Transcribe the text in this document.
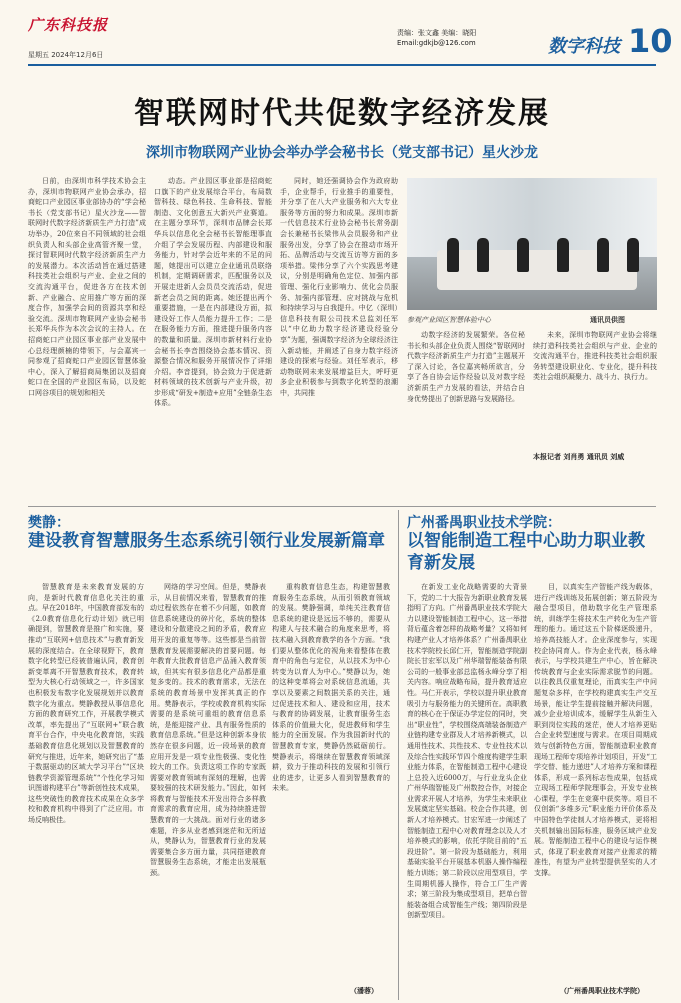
广东科技报
星期五 2024年12月6日
责编：张文鑫 美编：晓阳
Email:gdkjb@126.com	数字科技 10
智联网时代共促数字经济发展
深圳市物联网产业协会举办学会秘书长（党支部书记）星火沙龙

日前，由深圳市科学技术协会主办，深圳市物联网产业协会承办，招商蛇口产业园区事业部协办的“学会秘书长（党支部书记）星火沙龙——智联网时代数字经济新质生产力打造”成功举办，20位来自不同领域的社会组织负责人和头部企业高管齐聚一堂，探讨智联网时代数字经济新质生产力的发展潜力。本次活动旨在通过搭建科技类社会组织与产业、企业之间的交流沟通平台，促进各方在技术创新、产业融合、应用推广等方面的深度合作，加强学会间的资源共享和经验交流。深圳市物联网产业协会秘书长郑华兵作为本次会议的主持人。在招商蛇口产业园区事业部产业发展中心总经理颜楠的带领下，与会嘉宾一同参观了招商蛇口产业园区智慧体验中心，深入了解招商局集团以及招商蛇口在全国的产业园区布局，以及蛇口网谷项目的规划和相关

动态。产业园区事业部是招商蛇口旗下的产业发展综合平台，布局数智科技、绿色科技、生命科技、智能制造、文化创意五大新兴产业赛道。在主题分享环节，深圳市品牌会长郑华兵以信息化全会秘书长智能理事直介组了学会发展历程、内部建设和服务能力，针对学会近年来的不足的问题，她提出可以建立企业通讯员联络机制，定期调研需求，匹配服务以及开展走进新人会员员交流活动，促进新老会员之间的距离。她还提出两个重要措施，一是在内部建设方面，拟建设好工作人员能力提升工作；二是在服务能力方面，推进提升服务内容的数量和质量。深圳市新材料行业协会秘书长李音围绕协会基本情况、资源整合情况和服务开展情况作了详细介绍。李音提到，协会致力于促进新材料领域的技术创新与产业升级，初步形成“研发+制造+应用”全链条生态体系。

同时，她还强调协会作为政府助手，企业帮手，行业推手的重要性，并分享了在八大产业服务和六大专业服务等方面的努力和成果。深圳市新一代信息技术行业协会秘书长常务副会长兼秘书长梁伟从会员服务和产业服务出发，分享了协会在推动市场开拓、品牌活动与交流互访等方面的多项举措。梁伟分享了六个实践思考建议，分别是明确角色定位、加强内部管理、强化行业影响力、优化会员服务、加强内部管理、应对挑战与危机和持续学习与自我提升。中亿（深圳）信息科技有限公司技术总监刘任军以“中亿助力数字经济建设经验分享”为题，强调数字经济为全球经济注入新动能，并阐述了自身力数字经济建设的探索与经验。刘任军表示，移动物联网未来发展增益巨大，呼吁更多企业积极参与到数字化转型的浪潮中，共同推

参观产业园区智慧体验中心	通讯员供图

动数字经济的发展繁荣。各位秘书长和头部企业负责人围绕“智联网时代数字经济新质生产力打造”主题展开了深入讨论，各位嘉宾畅所欲言，分享了各自协会运作经验以及对数字经济新质生产力发展的看法，并结合自身优势提出了创新思路与发展路径。

未来，深圳市物联网产业协会将继续打造科技类社会组织与产业、企业的交流沟通平台，推进科技类社会组织服务转型建设职业化、专业化，提升科技类社会组织凝聚力、战斗力、执行力。

本报记者 刘肖勇 通讯员 刘威
樊静：
建设教育智慧服务生态系统引领行业发展新篇章

智慧教育是未来教育发展的方向，是新时代教育信息化关注的重点。早在2018年，中国教育部发布的《2.0教育信息化行动计划》就已明确提到，智慧教育是推广和实施，要推动“互联网+信息技术”与教育新发展的深度结合。在全球视野下，教育数字化转型已经被普遍认同，教育创新变革离不开智慧教育技术，教育转型为大核心行动领域之一，许多国家也积极发布数字化发展规划并以教育数字化为重点。樊静教授从事信息化方面的教育研究工作，开展教学模式改革，率先提出了“互联网+”联合教育平台合作，中央电化教育馆，实践基础教育信息化规划以及智慧教育的研究与推进，近年来，她研究出了“基于数据驱动的区域大学习平台”“区块链教学资源管理系统”“个性化学习知识图谱构建平台”等新创性技术成果，这些突破性的教育技术成果在众多学校和教育机构中得到了广泛应用。市场反响极佳。

网络的学习空间。但是，樊静表示，从目前情况来看，智慧教育的推动过程依然存在着不少问题，如教育信息系统建设的碎片化，系统的整体建设和分散建设之间的矛盾，教育应用开发的重复等等。这些都是当前智慧教育发展需要解决的首要问题。每年教育大批教育信息产品涌入教育领域，但其实有很多信息化产品都是重复多变的。技术的教育需求，无法在系统的教育场景中发挥其真正的作用。樊静表示，学校或教育机构实际需要的是系统可重组的教育信息系统，是能迎接产业、具有服务性质的教育信息系统。”但是这种创新本身依然存在很多问题，近一段场景的教育应用开发是一项专业性极强、变化性较大的工作。负责这项工作的专家既需要对教育领域有深刻的理解，也需要较强的技术研发能力。”因此，如何将教育与智能技术开发出符合多样教育需求的教育应用，成为持续推进智慧教育的一大挑战。面对行业的诸多难题，许多从业者感到迷茫和无所适从，樊静认为，智慧教育行业的发展需要集合多方面力量，共同搭建教育智慧服务生态系统，才能走出发展瓶颈。

重构教育信息生态，构建智慧教育服务生态系统，从而引领教育领域的发展。樊静强调，单纯关注教育信息系统的建设是远远不够的，需要从构建人与技术融合的角度来思考，将技术融入到教育教学的各个方面。“我们要从整体优化的视角来看整体在教育中的角色与定位，从以技术为中心转变为以育人为中心。”樊静以为，她的这种变革将会对系统信息流通，共享以及要素之间数据关系的关注，通过促进技术和人、建设和应用，技术与教育的协调发展，让教育服务生态体系的价值最大化，促进教师和学生能力的全面发展。作为我国新时代的智慧教育专家，樊静仍然砥砺前行。樊静表示，将继续在智慧教育领域深耕，致力于推动科技的发展和引领行业的进步，让更多人看到智慧教育的未来。

（潘蓉）
广州番禺职业技术学院：
以智能制造工程中心助力职业教育新发展

在新发工业化战略需要的大背景下，党的二十大报告为新职业教育发展指明了方向。广州番禺职业技术学院大力以建设智能制造工程中心，这一举措背后蕴含着怎样的战略考量？又将如何构建产业人才培养体系？广州番禺职业技术学院校长邱仁开，智能制造学院副院长甘宏军以及广州华瑞智能装备有限公司的一般事业部总监杨永峰分享了相关内容。响应战略布局，提升教育适应性。马仁开表示，学校以提升职业教育吸引力与服务能力的关键所在。高职教育的核心在于保证办学定位的同时，突出“职业性”，学校围绕高端装备制造产业链构建专业群及人才培养新模式，以通用性技术、共性技术、专业性技术以及综合性实践环节四个维度构建学生职业能力体系，在智能制造工程中心建设上总投入近6000万，与行业龙头企业广州华瑞智能及广州数控合作，对接企业需求开展人才培养，为学生未来职业发展奠定坚实基础。校企合作共建，创新人才培养模式。甘宏军进一步阐述了智能制造工程中心对教育理念以及人才培养模式的影响，依托学院目前的“五段进阶”。第一阶段为基础能力，利用基础实验平台开展基本机器人操作编程能力训练；第二阶段以应用型项目，学生周期机器人操作，符合工厂生产需求；第三阶段为集成型项目，把单台智能装备组合成智能生产线；第四阶段是创新型项目。

目，以真实生产智能产线为载体，进行产线训练及拓展创新；第五阶段为融合型项目，借助数字化生产管理系统，训练学生将技术生产转化为生产管理的能力。通过这五个阶梯逐级递升，培养高技能人才。企业深度参与，实现校企协同育人。作为企业代表，杨永峰表示，与学校共建生产中心，旨在解决传统教育与企业实际需求脱节的问题。以往教具仅重复理论，而真实生产中问题复杂多样，在学校构建真实生产交互场景，能让学生提前接触并解决问题，减少企业培训成本，缓解学生从新生入职到岗位实践的迷茫，使人才培养更贴合企业转型速度与需求。在项目周期成效与创新特色方面，智能制造职业教育现场工程师专项培养计划项目，开发“工学交替、能力递进”人才培养方案和课程体系，形成一系列标志性成果，包括成立现场工程师学院理事会，开发专业核心课程，学生在竞赛中获奖等。项目不仅创新“多维多元”职业能力评价体系及中国特色学徒制人才培养模式，更将相关机制输出国际标准，服务区域产业发展。智能制造工程中心的建设与运作模式，体现了职业教育对接产业需求的精准性，有望为产业转型提供坚实的人才支撑。

（广州番禺职业技术学院）
